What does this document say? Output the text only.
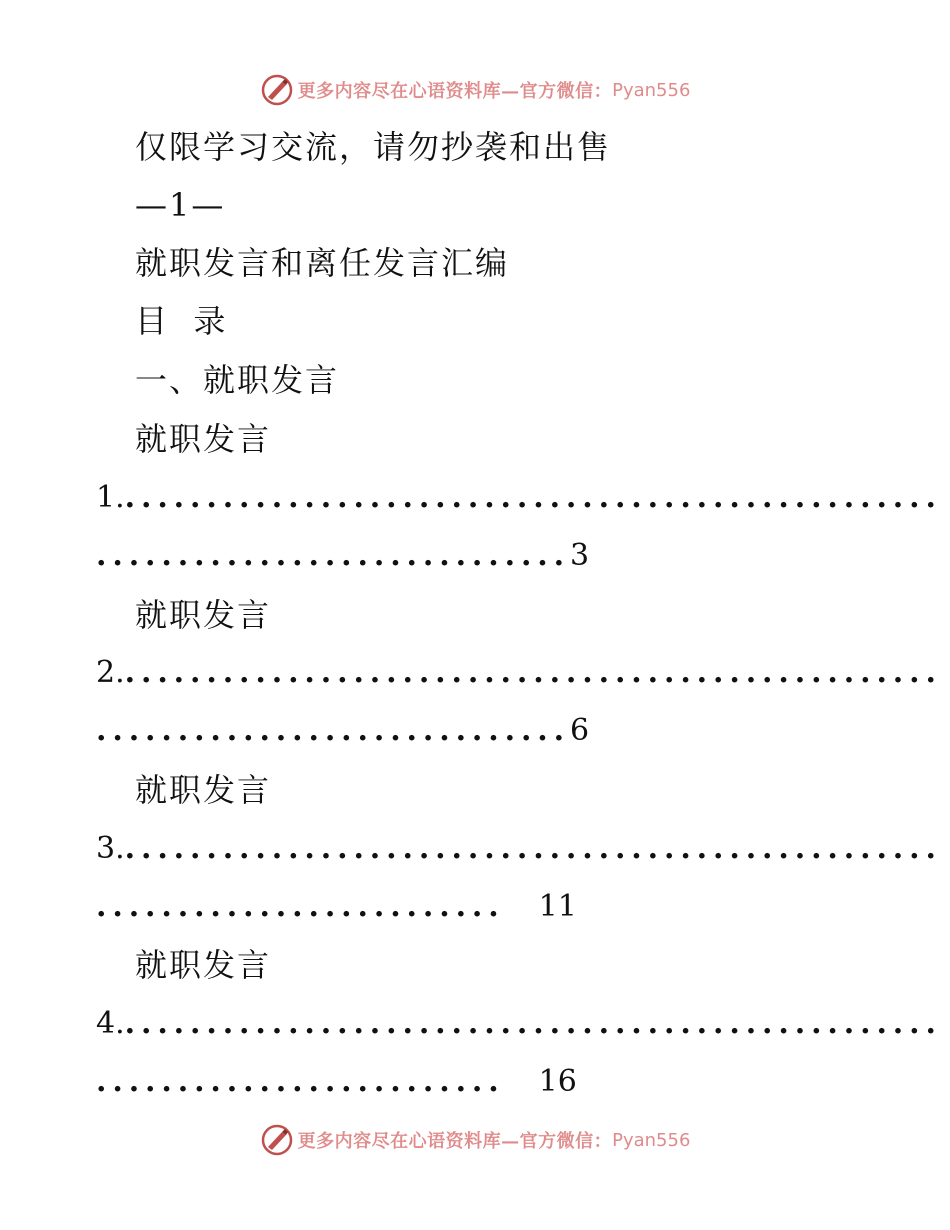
更多内容尽在心语资料库—官方微信： Pyan556
仅限学习交流，请勿抄袭和出售
—1—
就职发言和离任发言汇编
目  录
一、就职发言
就职发言
1...................................................
.............................3
就职发言
2...................................................
.............................6
就职发言
3...................................................
......................... 11
就职发言
4...................................................
......................... 16
更多内容尽在心语资料库—官方微信： Pyan556
